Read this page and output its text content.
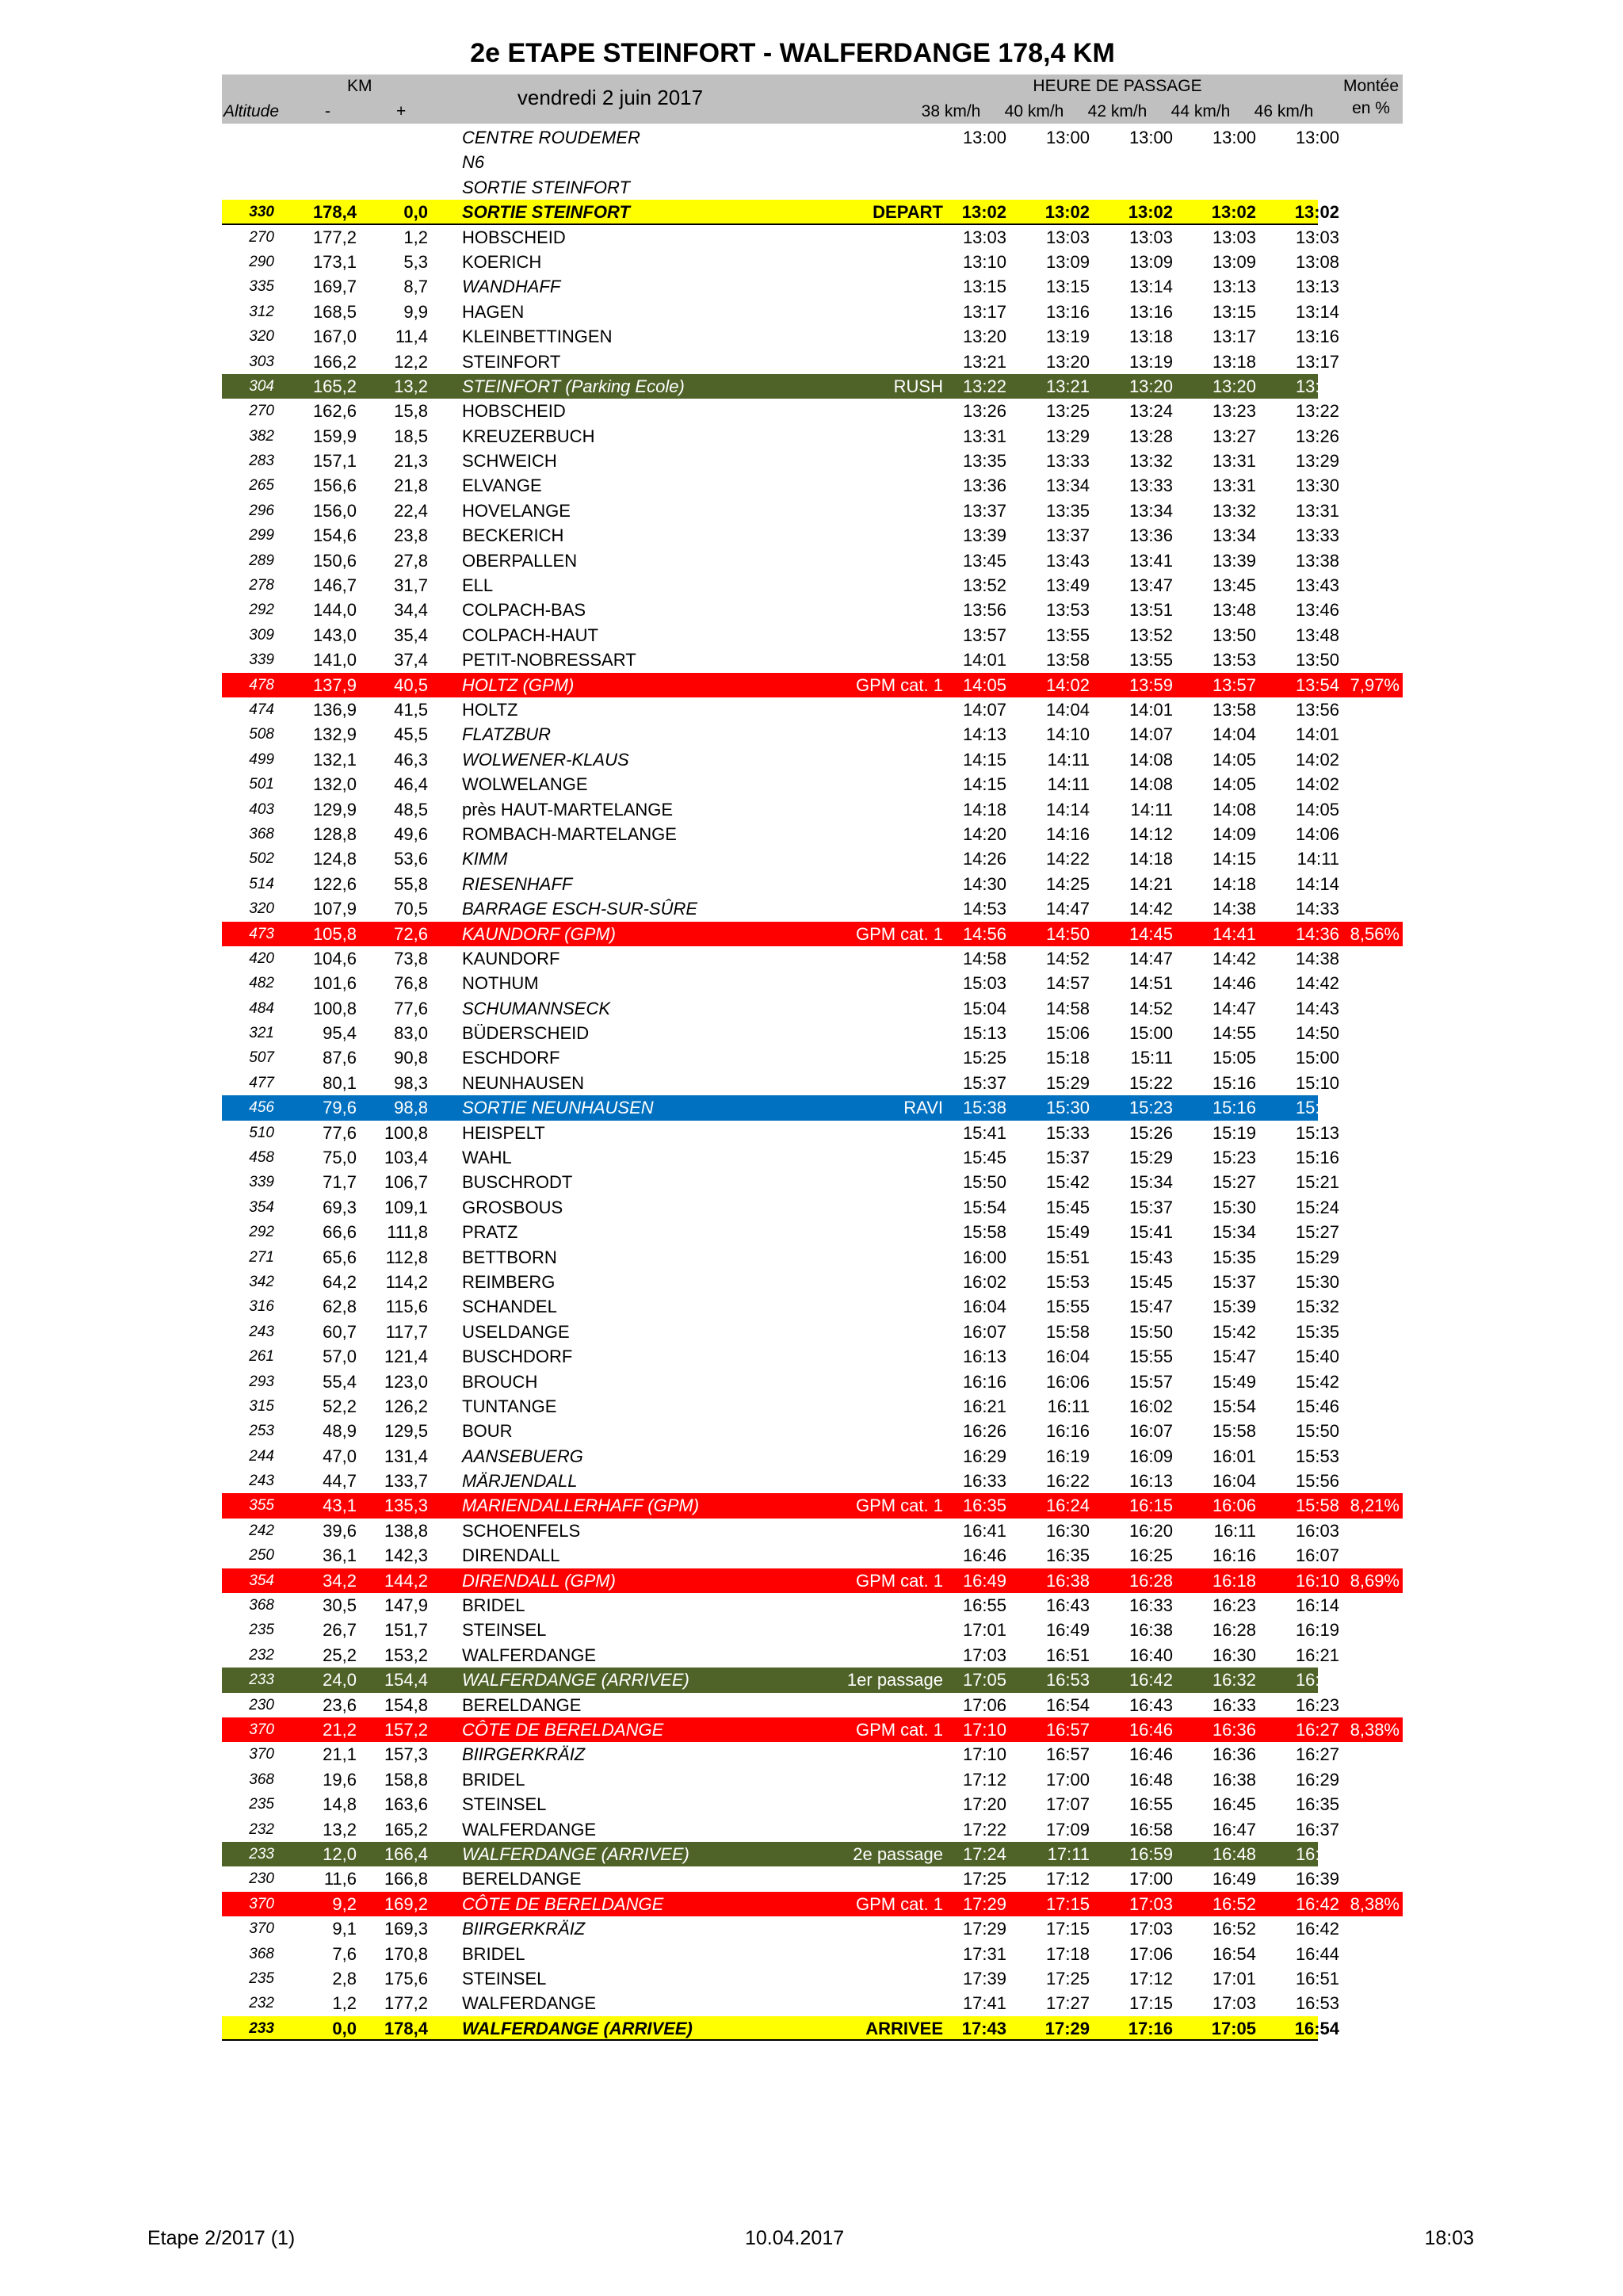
2e ETAPE STEINFORT - WALFERDANGE 178,4 KM
vendredi 2 juin 2017
KM
Altitude	-	+
HEURE DE PASSAGE	Montée
en %
38 km/h	40 km/h	42 km/h	44 km/h	46 km/h
CENTRE ROUDEMER	13:00	13:00	13:00	13:00	13:00
N6
SORTIE STEINFORT
330	178,4	0,0 SORTIE STEINFORT	DEPART	13:02	13:02	13:02	13:02	13:02
270	177,2	1,2 HOBSCHEID	13:03	13:03	13:03	13:03	13:03
290	173,1	5,3 KOERICH	13:10	13:09	13:09	13:09	13:08
335	169,7	8,7 WANDHAFF	13:15	13:15	13:14	13:13	13:13
312	168,5	9,9 HAGEN	13:17	13:16	13:16	13:15	13:14
320	167,0	11,4 KLEINBETTINGEN	13:20	13:19	13:18	13:17	13:16
303	166,2	12,2 STEINFORT	13:21	13:20	13:19	13:18	13:17
304	165,2	13,2 STEINFORT (Parking Ecole)	RUSH	13:22	13:21	13:20	13:20	13:19
270	162,6	15,8 HOBSCHEID	13:26	13:25	13:24	13:23	13:22
382	159,9	18,5 KREUZERBUCH	13:31	13:29	13:28	13:27	13:26
283	157,1	21,3 SCHWEICH	13:35	13:33	13:32	13:31	13:29
265	156,6	21,8 ELVANGE	13:36	13:34	13:33	13:31	13:30
296	156,0	22,4 HOVELANGE	13:37	13:35	13:34	13:32	13:31
299	154,6	23,8 BECKERICH	13:39	13:37	13:36	13:34	13:33
289	150,6	27,8 OBERPALLEN	13:45	13:43	13:41	13:39	13:38
278	146,7	31,7 ELL	13:52	13:49	13:47	13:45	13:43
292	144,0	34,4 COLPACH-BAS	13:56	13:53	13:51	13:48	13:46
309	143,0	35,4 COLPACH-HAUT	13:57	13:55	13:52	13:50	13:48
339	141,0	37,4 PETIT-NOBRESSART	14:01	13:58	13:55	13:53	13:50
478	137,9	40,5 HOLTZ (GPM)	GPM cat. 1	14:05	14:02	13:59	13:57	13:54 7,97%
474	136,9	41,5 HOLTZ	14:07	14:04	14:01	13:58	13:56
508	132,9	45,5 FLATZBUR	14:13	14:10	14:07	14:04	14:01
499	132,1	46,3 WOLWENER-KLAUS	14:15	14:11	14:08	14:05	14:02
501	132,0	46,4 WOLWELANGE	14:15	14:11	14:08	14:05	14:02
403	129,9	48,5 près HAUT-MARTELANGE	14:18	14:14	14:11	14:08	14:05
368	128,8	49,6 ROMBACH-MARTELANGE	14:20	14:16	14:12	14:09	14:06
502	124,8	53,6 KIMM	14:26	14:22	14:18	14:15	14:11
514	122,6	55,8 RIESENHAFF	14:30	14:25	14:21	14:18	14:14
320	107,9	70,5 BARRAGE ESCH-SUR-SÛRE	14:53	14:47	14:42	14:38	14:33
473	105,8	72,6 KAUNDORF (GPM)	GPM cat. 1	14:56	14:50	14:45	14:41	14:36 8,56%
420	104,6	73,8 KAUNDORF	14:58	14:52	14:47	14:42	14:38
482	101,6	76,8 NOTHUM	15:03	14:57	14:51	14:46	14:42
484	100,8	77,6 SCHUMANNSECK	15:04	14:58	14:52	14:47	14:43
321	95,4	83,0 BÜDERSCHEID	15:13	15:06	15:00	14:55	14:50
507	87,6	90,8 ESCHDORF	15:25	15:18	15:11	15:05	15:00
477	80,1	98,3 NEUNHAUSEN	15:37	15:29	15:22	15:16	15:10
456	79,6	98,8 SORTIE NEUNHAUSEN	RAVI	15:38	15:30	15:23	15:16	15:10
510	77,6	100,8 HEISPELT	15:41	15:33	15:26	15:19	15:13
458	75,0	103,4 WAHL	15:45	15:37	15:29	15:23	15:16
339	71,7	106,7 BUSCHRODT	15:50	15:42	15:34	15:27	15:21
354	69,3	109,1 GROSBOUS	15:54	15:45	15:37	15:30	15:24
292	66,6	111,8 PRATZ	15:58	15:49	15:41	15:34	15:27
271	65,6	112,8 BETTBORN	16:00	15:51	15:43	15:35	15:29
342	64,2	114,2 REIMBERG	16:02	15:53	15:45	15:37	15:30
316	62,8	115,6 SCHANDEL	16:04	15:55	15:47	15:39	15:32
243	60,7	117,7 USELDANGE	16:07	15:58	15:50	15:42	15:35
261	57,0	121,4 BUSCHDORF	16:13	16:04	15:55	15:47	15:40
293	55,4	123,0 BROUCH	16:16	16:06	15:57	15:49	15:42
315	52,2	126,2 TUNTANGE	16:21	16:11	16:02	15:54	15:46
253	48,9	129,5 BOUR	16:26	16:16	16:07	15:58	15:50
244	47,0	131,4 AANSEBUERG	16:29	16:19	16:09	16:01	15:53
243	44,7	133,7 MÄRJENDALL	16:33	16:22	16:13	16:04	15:56
355	43,1	135,3 MARIENDALLERHAFF (GPM)	GPM cat. 1	16:35	16:24	16:15	16:06	15:58 8,21%
242	39,6	138,8 SCHOENFELS	16:41	16:30	16:20	16:11	16:03
250	36,1	142,3 DIRENDALL	16:46	16:35	16:25	16:16	16:07
354	34,2	144,2 DIRENDALL (GPM)	GPM cat. 1	16:49	16:38	16:28	16:18	16:10 8,69%
368	30,5	147,9 BRIDEL	16:55	16:43	16:33	16:23	16:14
235	26,7	151,7 STEINSEL	17:01	16:49	16:38	16:28	16:19
232	25,2	153,2 WALFERDANGE	17:03	16:51	16:40	16:30	16:21
233	24,0	154,4 WALFERDANGE (ARRIVEE)	1er passage	17:05	16:53	16:42	16:32	16:23
230	23,6	154,8 BERELDANGE	17:06	16:54	16:43	16:33	16:23
370	21,2	157,2 CÔTE DE BERELDANGE	GPM cat. 1	17:10	16:57	16:46	16:36	16:27 8,38%
370	21,1	157,3 BIIRGERKRÄIZ	17:10	16:57	16:46	16:36	16:27
368	19,6	158,8 BRIDEL	17:12	17:00	16:48	16:38	16:29
235	14,8	163,6 STEINSEL	17:20	17:07	16:55	16:45	16:35
232	13,2	165,2 WALFERDANGE	17:22	17:09	16:58	16:47	16:37
233	12,0	166,4 WALFERDANGE (ARRIVEE)	2e passage	17:24	17:11	16:59	16:48	16:39
230	11,6	166,8 BERELDANGE	17:25	17:12	17:00	16:49	16:39
370	9,2	169,2 CÔTE DE BERELDANGE	GPM cat. 1	17:29	17:15	17:03	16:52	16:42 8,38%
370	9,1	169,3 BIIRGERKRÄIZ	17:29	17:15	17:03	16:52	16:42
368	7,6	170,8 BRIDEL	17:31	17:18	17:06	16:54	16:44
235	2,8	175,6 STEINSEL	17:39	17:25	17:12	17:01	16:51
232	1,2	177,2 WALFERDANGE	17:41	17:27	17:15	17:03	16:53
233	0,0	178,4 WALFERDANGE (ARRIVEE)	ARRIVEE	17:43	17:29	17:16	17:05	16:54
Etape 2/2017 (1)	10.04.2017	18:03
